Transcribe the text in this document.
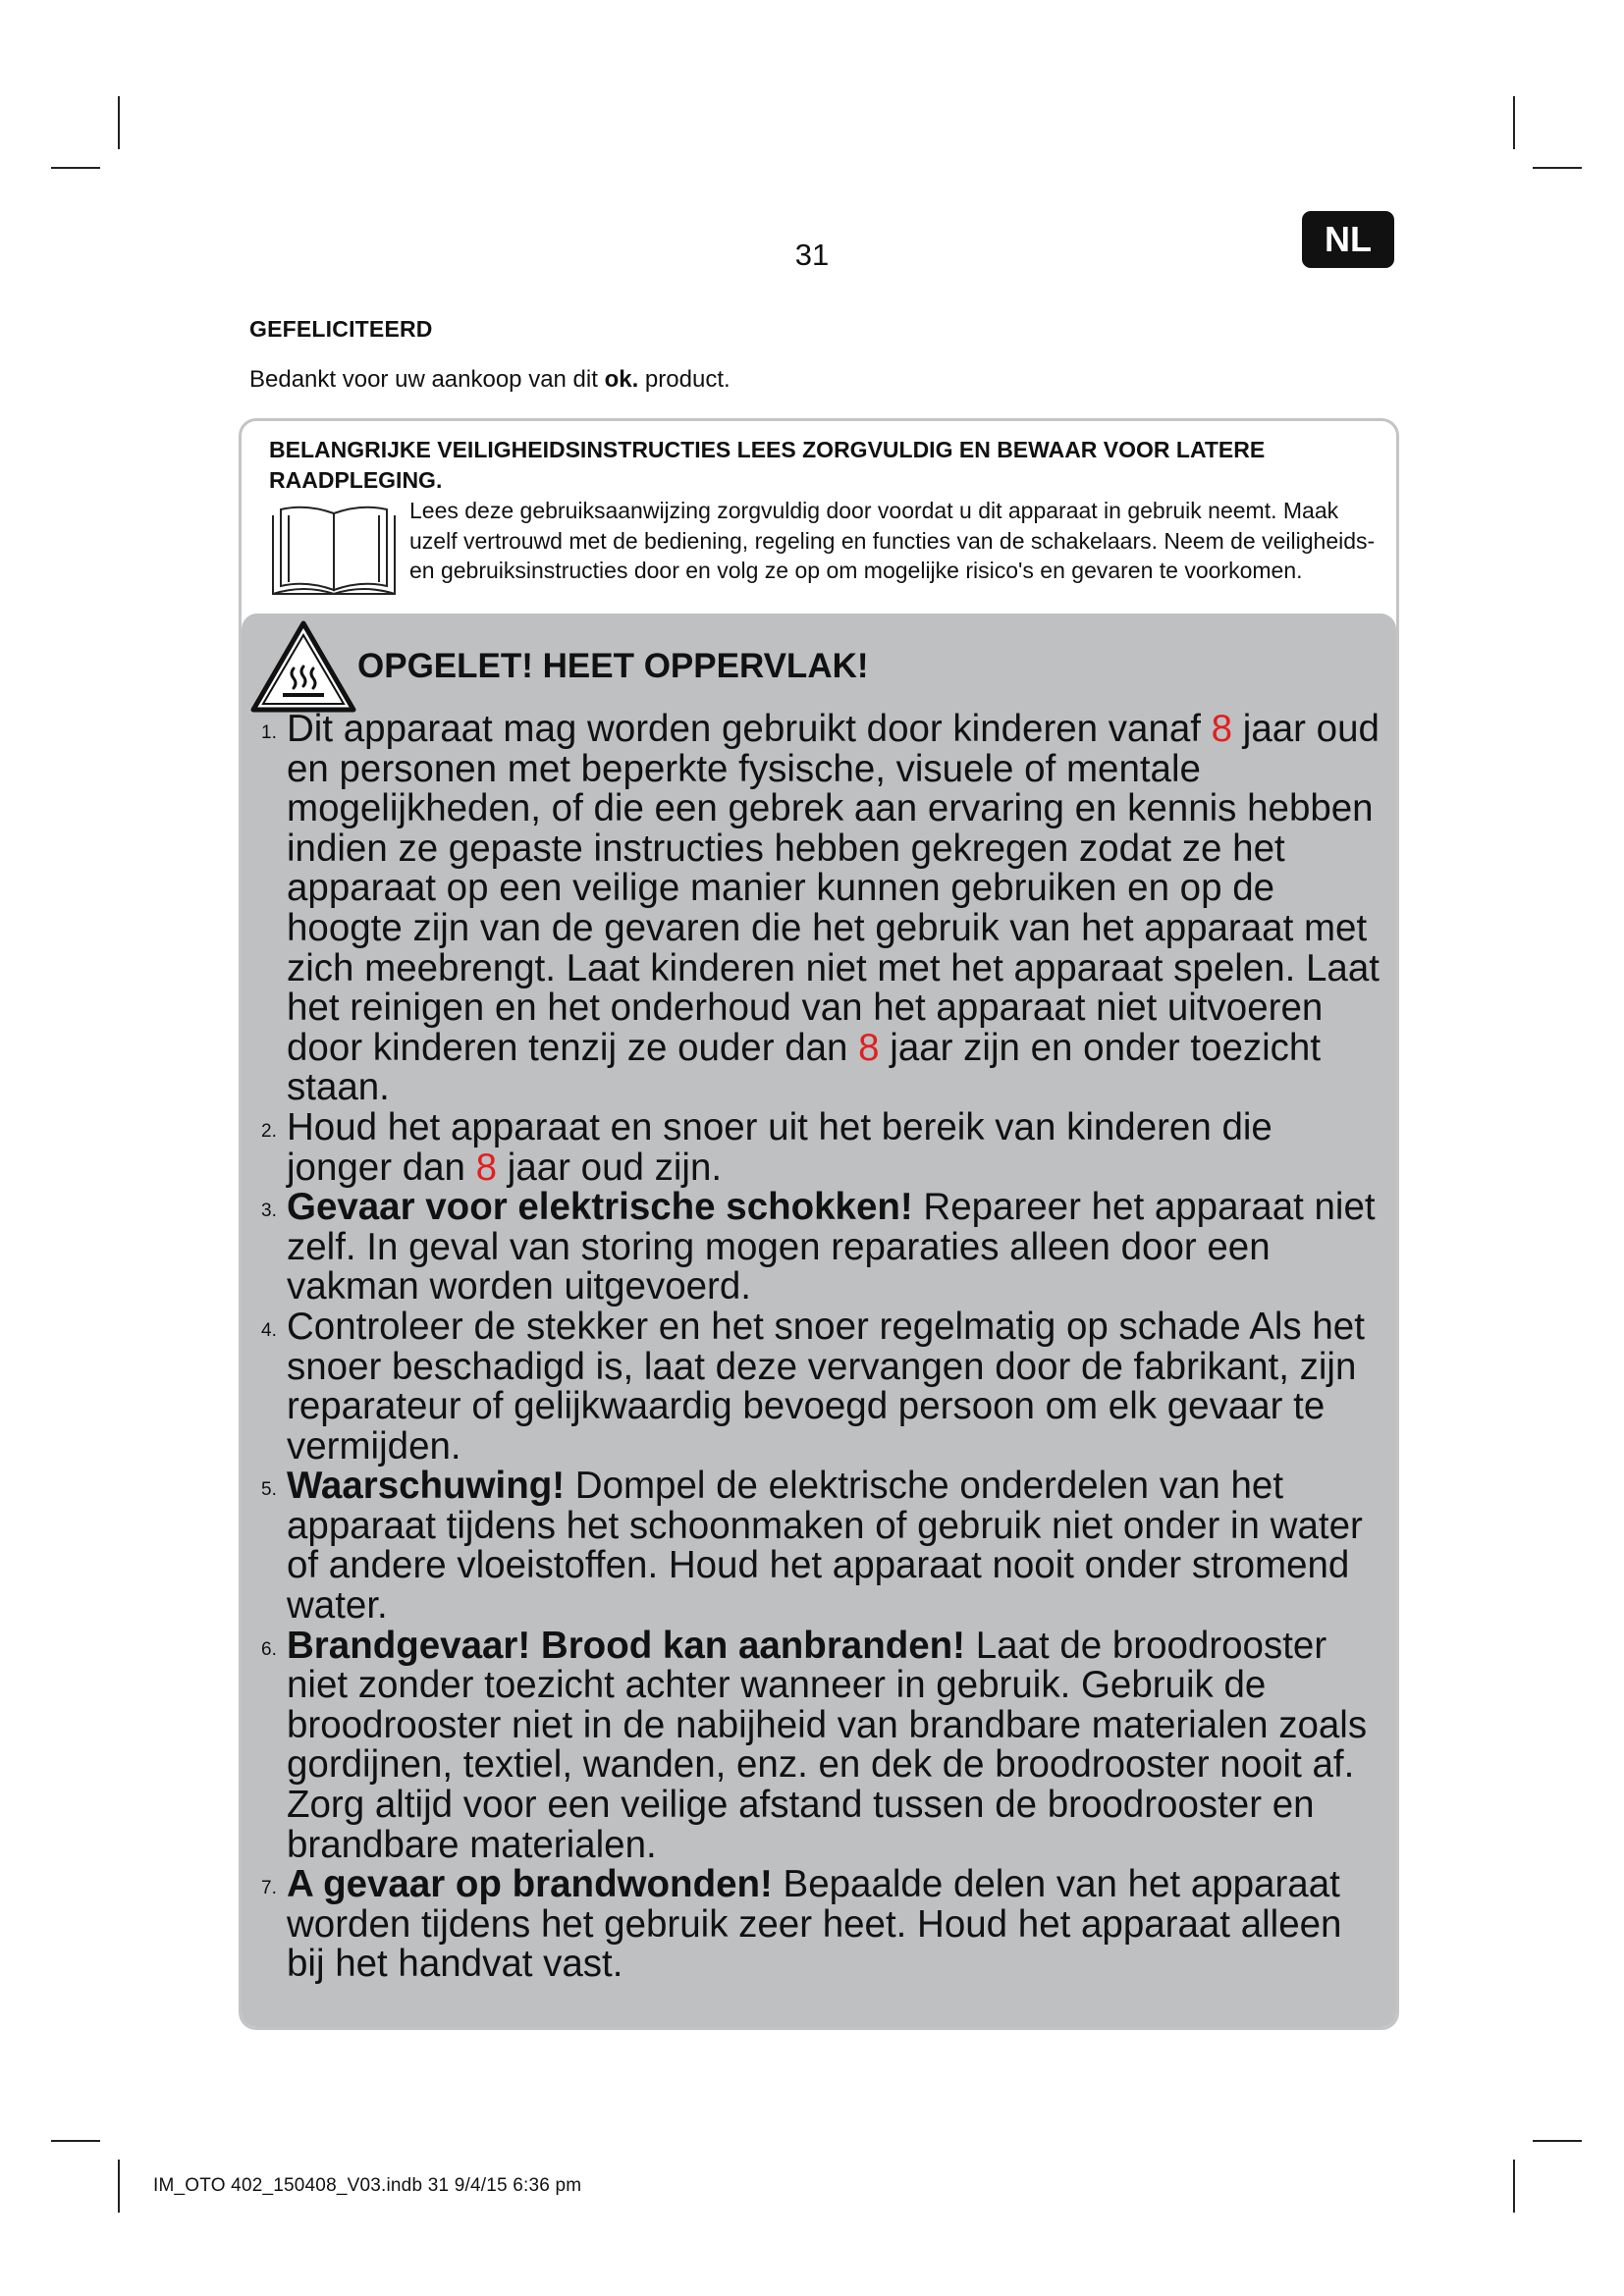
31	NL
GEFELICITEERD
Bedankt voor uw aankoop van dit ok. product.
BELANGRIJKE VEILIGHEIDSINSTRUCTIES LEES ZORGVULDIG EN BEWAAR VOOR LATERE RAADPLEGING.
Lees deze gebruiksaanwijzing zorgvuldig door voordat u dit apparaat in gebruik neemt. Maak uzelf vertrouwd met de bediening, regeling en functies van de schakelaars. Neem de veiligheids- en gebruiksinstructies door en volg ze op om mogelijke risico's en gevaren te voorkomen.
OPGELET! HEET OPPERVLAK!
1. Dit apparaat mag worden gebruikt door kinderen vanaf 8 jaar oud en personen met beperkte fysische, visuele of mentale mogelijkheden, of die een gebrek aan ervaring en kennis hebben indien ze gepaste instructies hebben gekregen zodat ze het apparaat op een veilige manier kunnen gebruiken en op de hoogte zijn van de gevaren die het gebruik van het apparaat met zich meebrengt. Laat kinderen niet met het apparaat spelen. Laat het reinigen en het onderhoud van het apparaat niet uitvoeren door kinderen tenzij ze ouder dan 8 jaar zijn en onder toezicht staan.
2. Houd het apparaat en snoer uit het bereik van kinderen die jonger dan 8 jaar oud zijn.
3. Gevaar voor elektrische schokken! Repareer het apparaat niet zelf. In geval van storing mogen reparaties alleen door een vakman worden uitgevoerd.
4. Controleer de stekker en het snoer regelmatig op schade Als het snoer beschadigd is, laat deze vervangen door de fabrikant, zijn reparateur of gelijkwaardig bevoegd persoon om elk gevaar te vermijden.
5. Waarschuwing! Dompel de elektrische onderdelen van het apparaat tijdens het schoonmaken of gebruik niet onder in water of andere vloeistoffen. Houd het apparaat nooit onder stromend water.
6. Brandgevaar! Brood kan aanbranden! Laat de broodrooster niet zonder toezicht achter wanneer in gebruik. Gebruik de broodrooster niet in de nabijheid van brandbare materialen zoals gordijnen, textiel, wanden, enz. en dek de broodrooster nooit af. Zorg altijd voor een veilige afstand tussen de broodrooster en brandbare materialen.
7. A gevaar op brandwonden! Bepaalde delen van het apparaat worden tijdens het gebruik zeer heet. Houd het apparaat alleen bij het handvat vast.
IM_OTO 402_150408_V03.indb 31 9/4/15 6:36 pm
